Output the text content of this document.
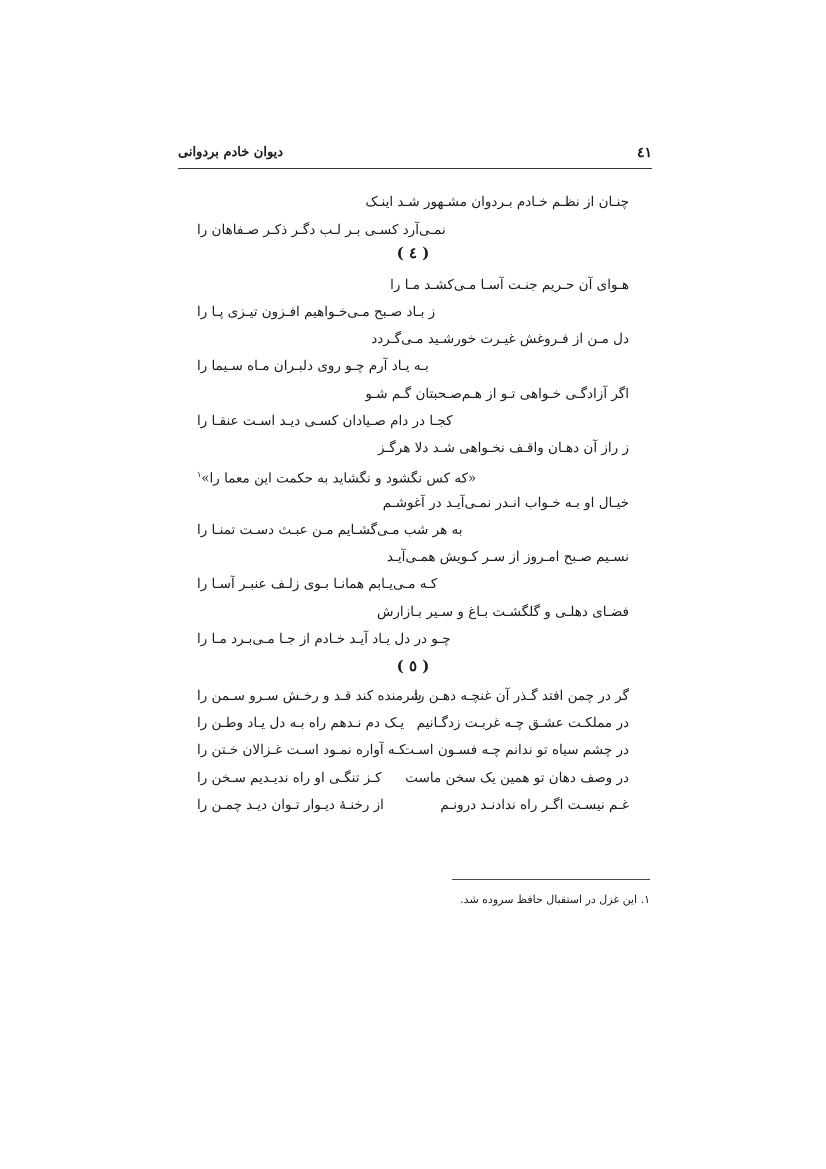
٤١
دیوان خادم بردوانی
چنـان از نظـم خـادم بـردوان مشـهور شـد اینـک
نمـی‌آرد کسـی بـر لـب دگـر ذکـر صـفاهان را
( ٤ )
هـوای آن حـریم جنـت آسـا مـی‌کشـد مـا را
ز بـاد صـبح مـی‌خـواهیم افـزون تیـزی پـا را
دل مـن از فـروغش غیـرت خورشـید مـی‌گـردد
بـه یـاد آرم چـو روی دلبـران مـاه سـیما را
اگر آزادگـی خـواهی تـو از هـم‌صـحبتان گـم شـو
کجـا در دام صـیادان کسـی دیـد اسـت عنقـا را
ز راز آن دهـان واقـف نخـواهی شـد دلا هرگـز
«که کس نگشود و نگشاید به حکمت این معما را»$^١$
خیـال او بـه خـواب انـدر نمـی‌آیـد در آغوشـم
به هر شب مـی‌گشـایم مـن عبـث دسـت تمنـا را
نسـیم صـبح امـروز از سـر کـویش همـی‌آیـد
کـه مـی‌یـابم همانـا بـوی زلـف عنبـر آسـا را
فضـای دهلـی و گلگشـت بـاغ و سـیر بـازارش
چـو در دل یـاد آیـد خـادم از جـا مـی‌بـرد مـا را
( ٥ )
گر در چمن افتد گـذر آن غنچـه دهـن را
شرمنده کند قـد و رخـش سـرو سـمن را
در مملکـت عشـق چـه غربـت زدگـانیم
یـک دم نـدهم راه بـه دل یـاد وطـن را
در چشم سیاه تو ندانم چـه فسـون اسـت
کـه آواره نمـود اسـت غـزالان خـتن را
در وصف دهان تو همین یک سخن ماست
کـز تنگـی او راه ندیـدیم سـخن را
غـم نیسـت اگـر راه ندادنـد درونـم
از رخنـهٔ دیـوار تـوان دیـد چمـن را
١. این غزل در استقبال حافظ سروده شد.
